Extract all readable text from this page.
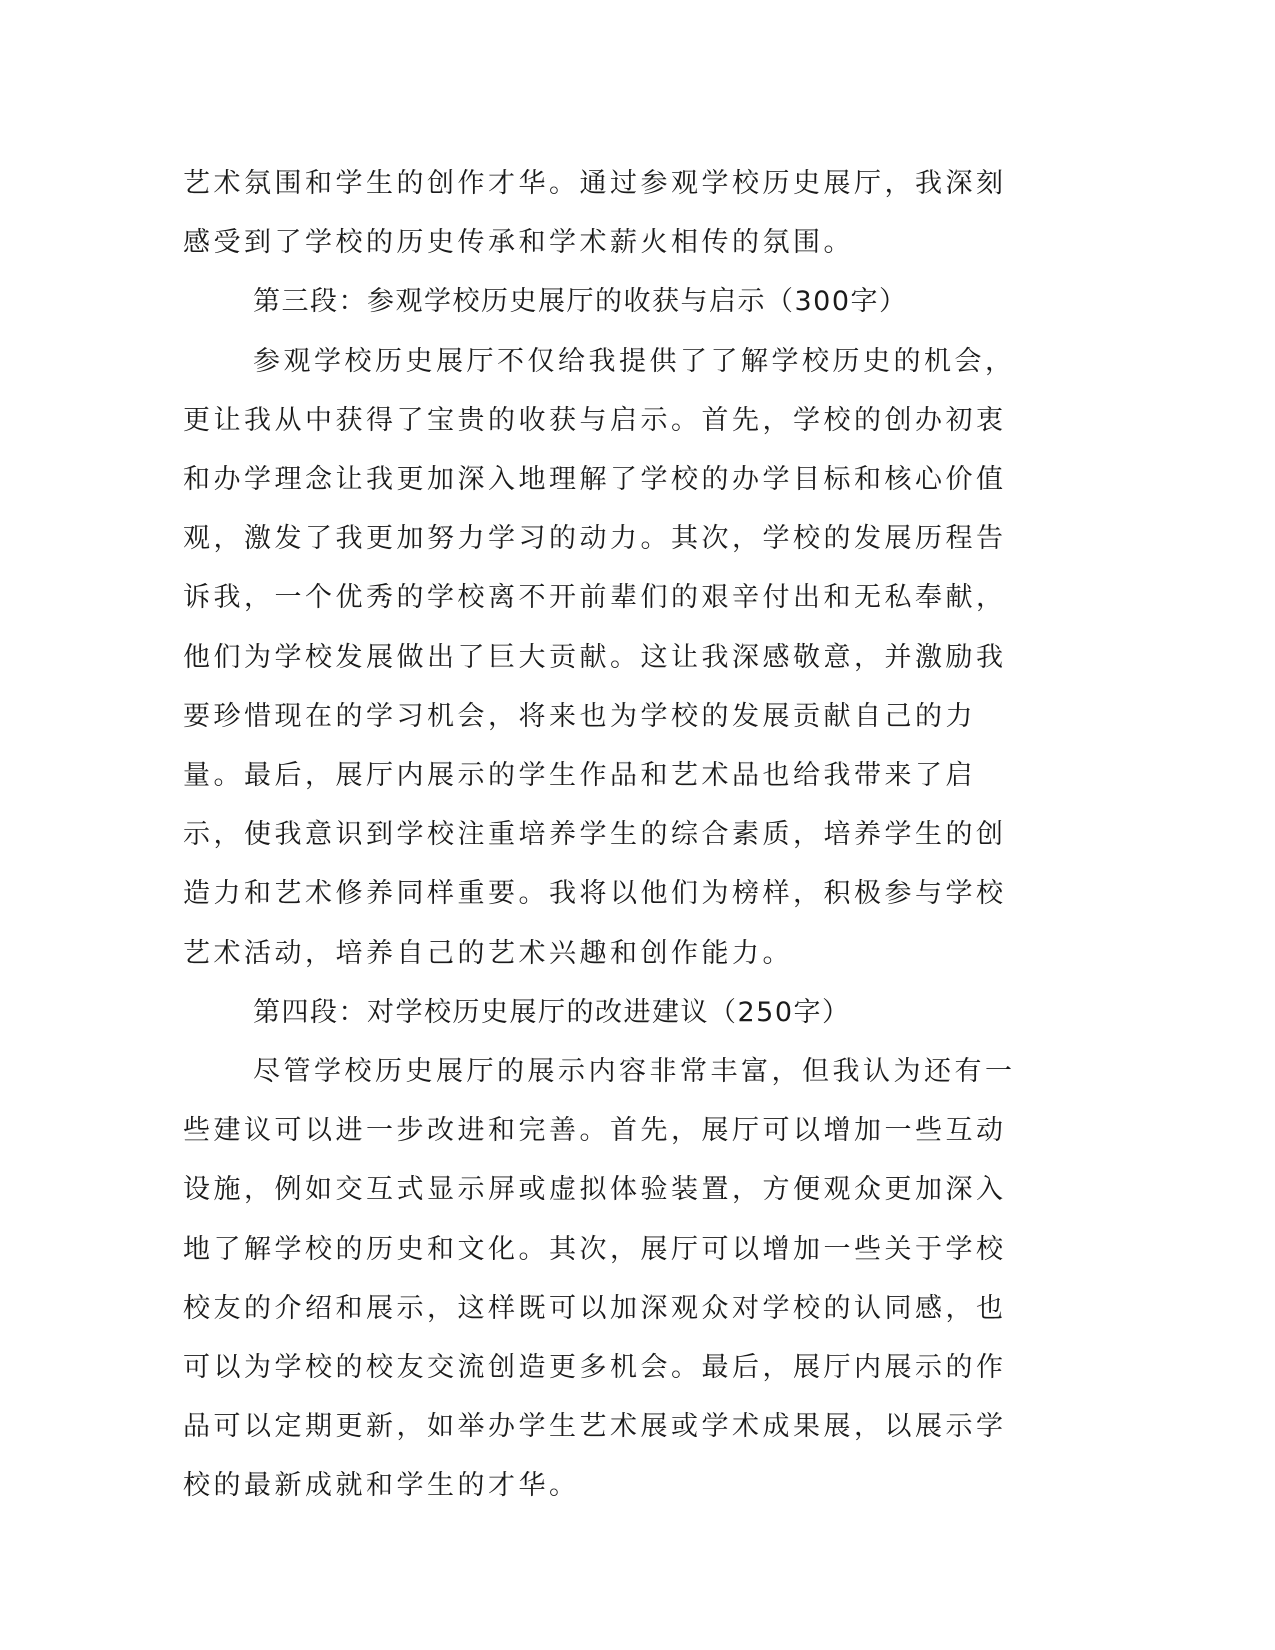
艺术氛围和学生的创作才华。通过参观学校历史展厅，我深刻感受到了学校的历史传承和学术薪火相传的氛围。

第三段：参观学校历史展厅的收获与启示（300字）

参观学校历史展厅不仅给我提供了了解学校历史的机会，更让我从中获得了宝贵的收获与启示。首先，学校的创办初衷和办学理念让我更加深入地理解了学校的办学目标和核心价值观，激发了我更加努力学习的动力。其次，学校的发展历程告诉我，一个优秀的学校离不开前辈们的艰辛付出和无私奉献，他们为学校发展做出了巨大贡献。这让我深感敬意，并激励我要珍惜现在的学习机会，将来也为学校的发展贡献自己的力量。最后，展厅内展示的学生作品和艺术品也给我带来了启示，使我意识到学校注重培养学生的综合素质，培养学生的创造力和艺术修养同样重要。我将以他们为榜样，积极参与学校艺术活动，培养自己的艺术兴趣和创作能力。

第四段：对学校历史展厅的改进建议（250字）

尽管学校历史展厅的展示内容非常丰富，但我认为还有一些建议可以进一步改进和完善。首先，展厅可以增加一些互动设施，例如交互式显示屏或虚拟体验装置，方便观众更加深入地了解学校的历史和文化。其次，展厅可以增加一些关于学校校友的介绍和展示，这样既可以加深观众对学校的认同感，也可以为学校的校友交流创造更多机会。最后，展厅内展示的作品可以定期更新，如举办学生艺术展或学术成果展，以展示学校的最新成就和学生的才华。
